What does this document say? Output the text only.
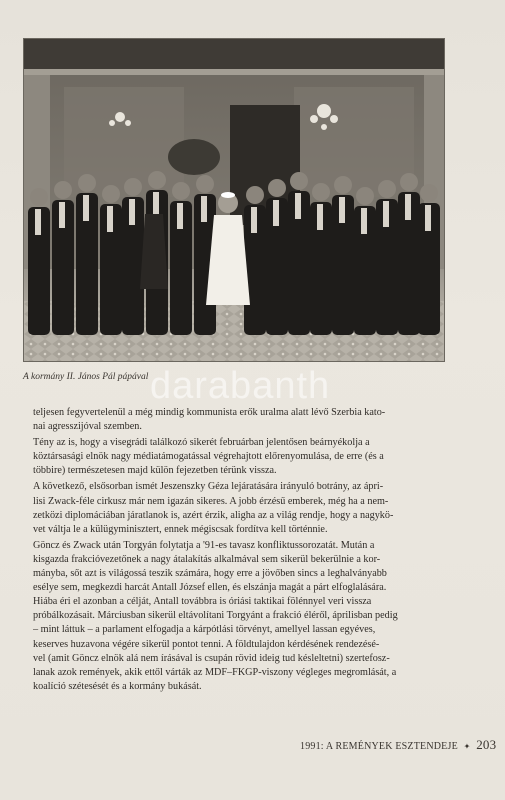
A kormány II. János Pál pápával darabanth

teljesen fegyvertelenül a még mindig kommunista erők uralma alatt lévő Szerbia kato-
nai agresszijóval szemben.

Tény az is, hogy a visegrádi találkozó sikerét februárban jelentősen beárnyékolja a
köztársasági elnök nagy médiatámogatással végrehajtott előrenyomulása, de erre (és a
többire) természetesen majd külön fejezetben térünk vissza.

A következő, elsősorban ismét Jeszenszky Géza lejáratására irányuló botrány, az ápri-
lisi Zwack-féle cirkusz már nem igazán sikeres. A jobb érzésű emberek, még ha a nem-
zetközi diplomáciában járatlanok is, azért érzik, aligha az a világ rendje, hogy a nagykö-
vet váltja le a külügyminisztert, ennek mégiscsak fordítva kell történnie.

Göncz és Zwack után Torgyán folytatja a '91-es tavasz konfliktussorozatát. Mután a
kisgazda frakcióvezetőnek a nagy átalakítás alkalmával sem sikerül bekerülnie a kor-
mányba, sőt azt is világossá teszik számára, hogy erre a jövőben sincs a leghalványabb
esélye sem, megkezdi harcát Antall József ellen, és elszánja magát a párt elfoglalására.
Hiába éri el azonban a célját, Antall továbbra is óriási taktikai fölénnyel veri vissza
próbálkozásait. Márciusban sikerül eltávolítani Torgyánt a frakció éléről, áprilisban pedig
– mint láttuk – a parlament elfogadja a kárpótlási törvényt, amellyel lassan egyéves,
keserves huzavona végére sikerül pontot tenni. A földtulajdon kérdésének rendezésé-
vel (amit Göncz elnök alá nem írásával is csupán rövid ideig tud késleltetni) szertefosz-
lanak azok remények, akik ettől várták az MDF–FKGP-viszony végleges megromlását, a
koalíció szétesését és a kormány bukását.

1991: A REMÉNYEK ESZTENDEJE ✦ 203
